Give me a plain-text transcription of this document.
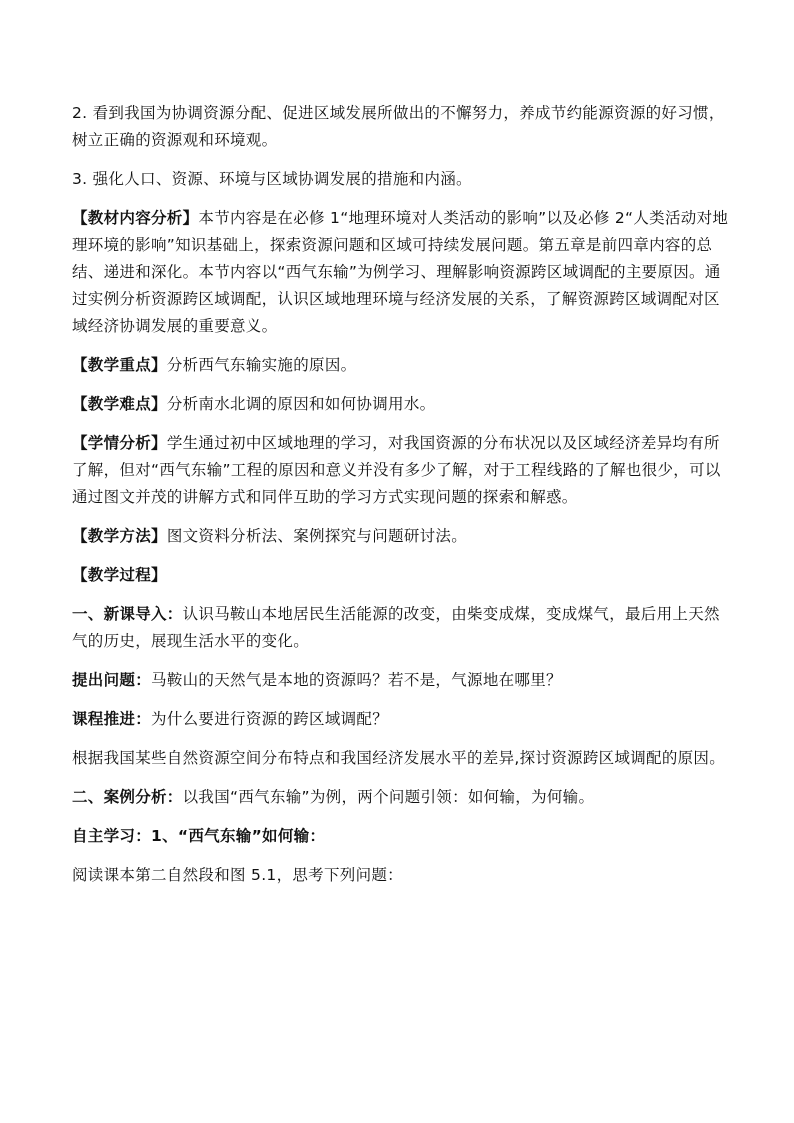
2. 看到我国为协调资源分配、促进区域发展所做出的不懈努力，养成节约能源资源的好习惯，树立正确的资源观和环境观。

3. 强化人口、资源、环境与区域协调发展的措施和内涵。

【教材内容分析】本节内容是在必修 1“地理环境对人类活动的影响”以及必修 2“人类活动对地理环境的影响”知识基础上，探索资源问题和区域可持续发展问题。第五章是前四章内容的总结、递进和深化。本节内容以“西气东输”为例学习、理解影响资源跨区域调配的主要原因。通过实例分析资源跨区域调配，认识区域地理环境与经济发展的关系，了解资源跨区域调配对区域经济协调发展的重要意义。

【教学重点】分析西气东输实施的原因。

【教学难点】分析南水北调的原因和如何协调用水。

【学情分析】学生通过初中区域地理的学习，对我国资源的分布状况以及区域经济差异均有所了解，但对“西气东输”工程的原因和意义并没有多少了解，对于工程线路的了解也很少，可以通过图文并茂的讲解方式和同伴互助的学习方式实现问题的探索和解惑。

【教学方法】图文资料分析法、案例探究与问题研讨法。

【教学过程】

一、新课导入：认识马鞍山本地居民生活能源的改变，由柴变成煤，变成煤气，最后用上天然气的历史，展现生活水平的变化。

提出问题：马鞍山的天然气是本地的资源吗？若不是，气源地在哪里？

课程推进：为什么要进行资源的跨区域调配？

根据我国某些自然资源空间分布特点和我国经济发展水平的差异,探讨资源跨区域调配的原因。

二、案例分析：以我国“西气东输”为例，两个问题引领：如何输，为何输。

自主学习：1、“西气东输”如何输：

阅读课本第二自然段和图 5.1，思考下列问题：
